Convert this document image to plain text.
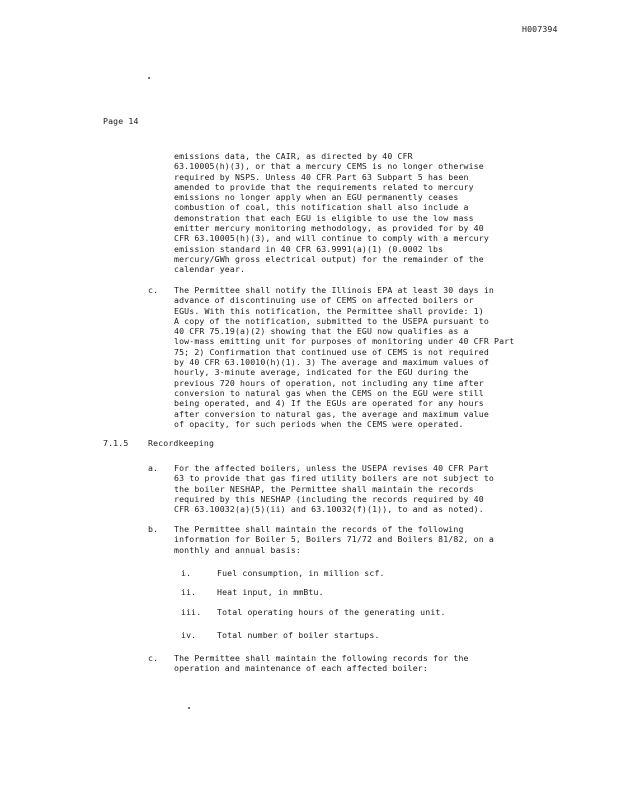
H007394
Page 14
emissions data, the CAIR, as directed by 40 CFR
63.10005(h)(3), or that a mercury CEMS is no longer otherwise
required by NSPS. Unless 40 CFR Part 63 Subpart 5 has been
amended to provide that the requirements related to mercury
emissions no longer apply when an EGU permanently ceases
combustion of coal, this notification shall also include a
demonstration that each EGU is eligible to use the low mass
emitter mercury monitoring methodology, as provided for by 40
CFR 63.10005(h)(3), and will continue to comply with a mercury
emission standard in 40 CFR 63.9991(a)(1) (0.0002 lbs
mercury/GWh gross electrical output) for the remainder of the
calendar year.
c. The Permittee shall notify the Illinois EPA at least 30 days in
advance of discontinuing use of CEMS on affected boilers or
EGUs. With this notification, the Permittee shall provide: 1)
A copy of the notification, submitted to the USEPA pursuant to
40 CFR 75.19(a)(2) showing that the EGU now qualifies as a
low-mass emitting unit for purposes of monitoring under 40 CFR Part
75; 2) Confirmation that continued use of CEMS is not required
by 40 CFR 63.10010(h)(1). 3) The average and maximum values of
hourly, 3-minute average, indicated for the EGU during the
previous 720 hours of operation, not including any time after
conversion to natural gas when the CEMS on the EGU were still
being operated, and 4) If the EGUs are operated for any hours
after conversion to natural gas, the average and maximum value
of opacity, for such periods when the CEMS were operated.
7.1.5 Recordkeeping
a. For the affected boilers, unless the USEPA revises 40 CFR Part
63 to provide that gas fired utility boilers are not subject to
the boiler NESHAP, the Permittee shall maintain the records
required by this NESHAP (including the records required by 40
CFR 63.10032(a)(5)(ii) and 63.10032(f)(1)), to and as noted).
b. The Permittee shall maintain the records of the following
information for Boiler 5, Boilers 71/72 and Boilers 81/82, on a
monthly and annual basis:
i.	Fuel consumption, in million scf.
ii.	Heat input, in mmBtu.
iii. Total operating hours of the generating unit.
iv.	Total number of boiler startups.
c. The Permittee shall maintain the following records for the
operation and maintenance of each affected boiler:
